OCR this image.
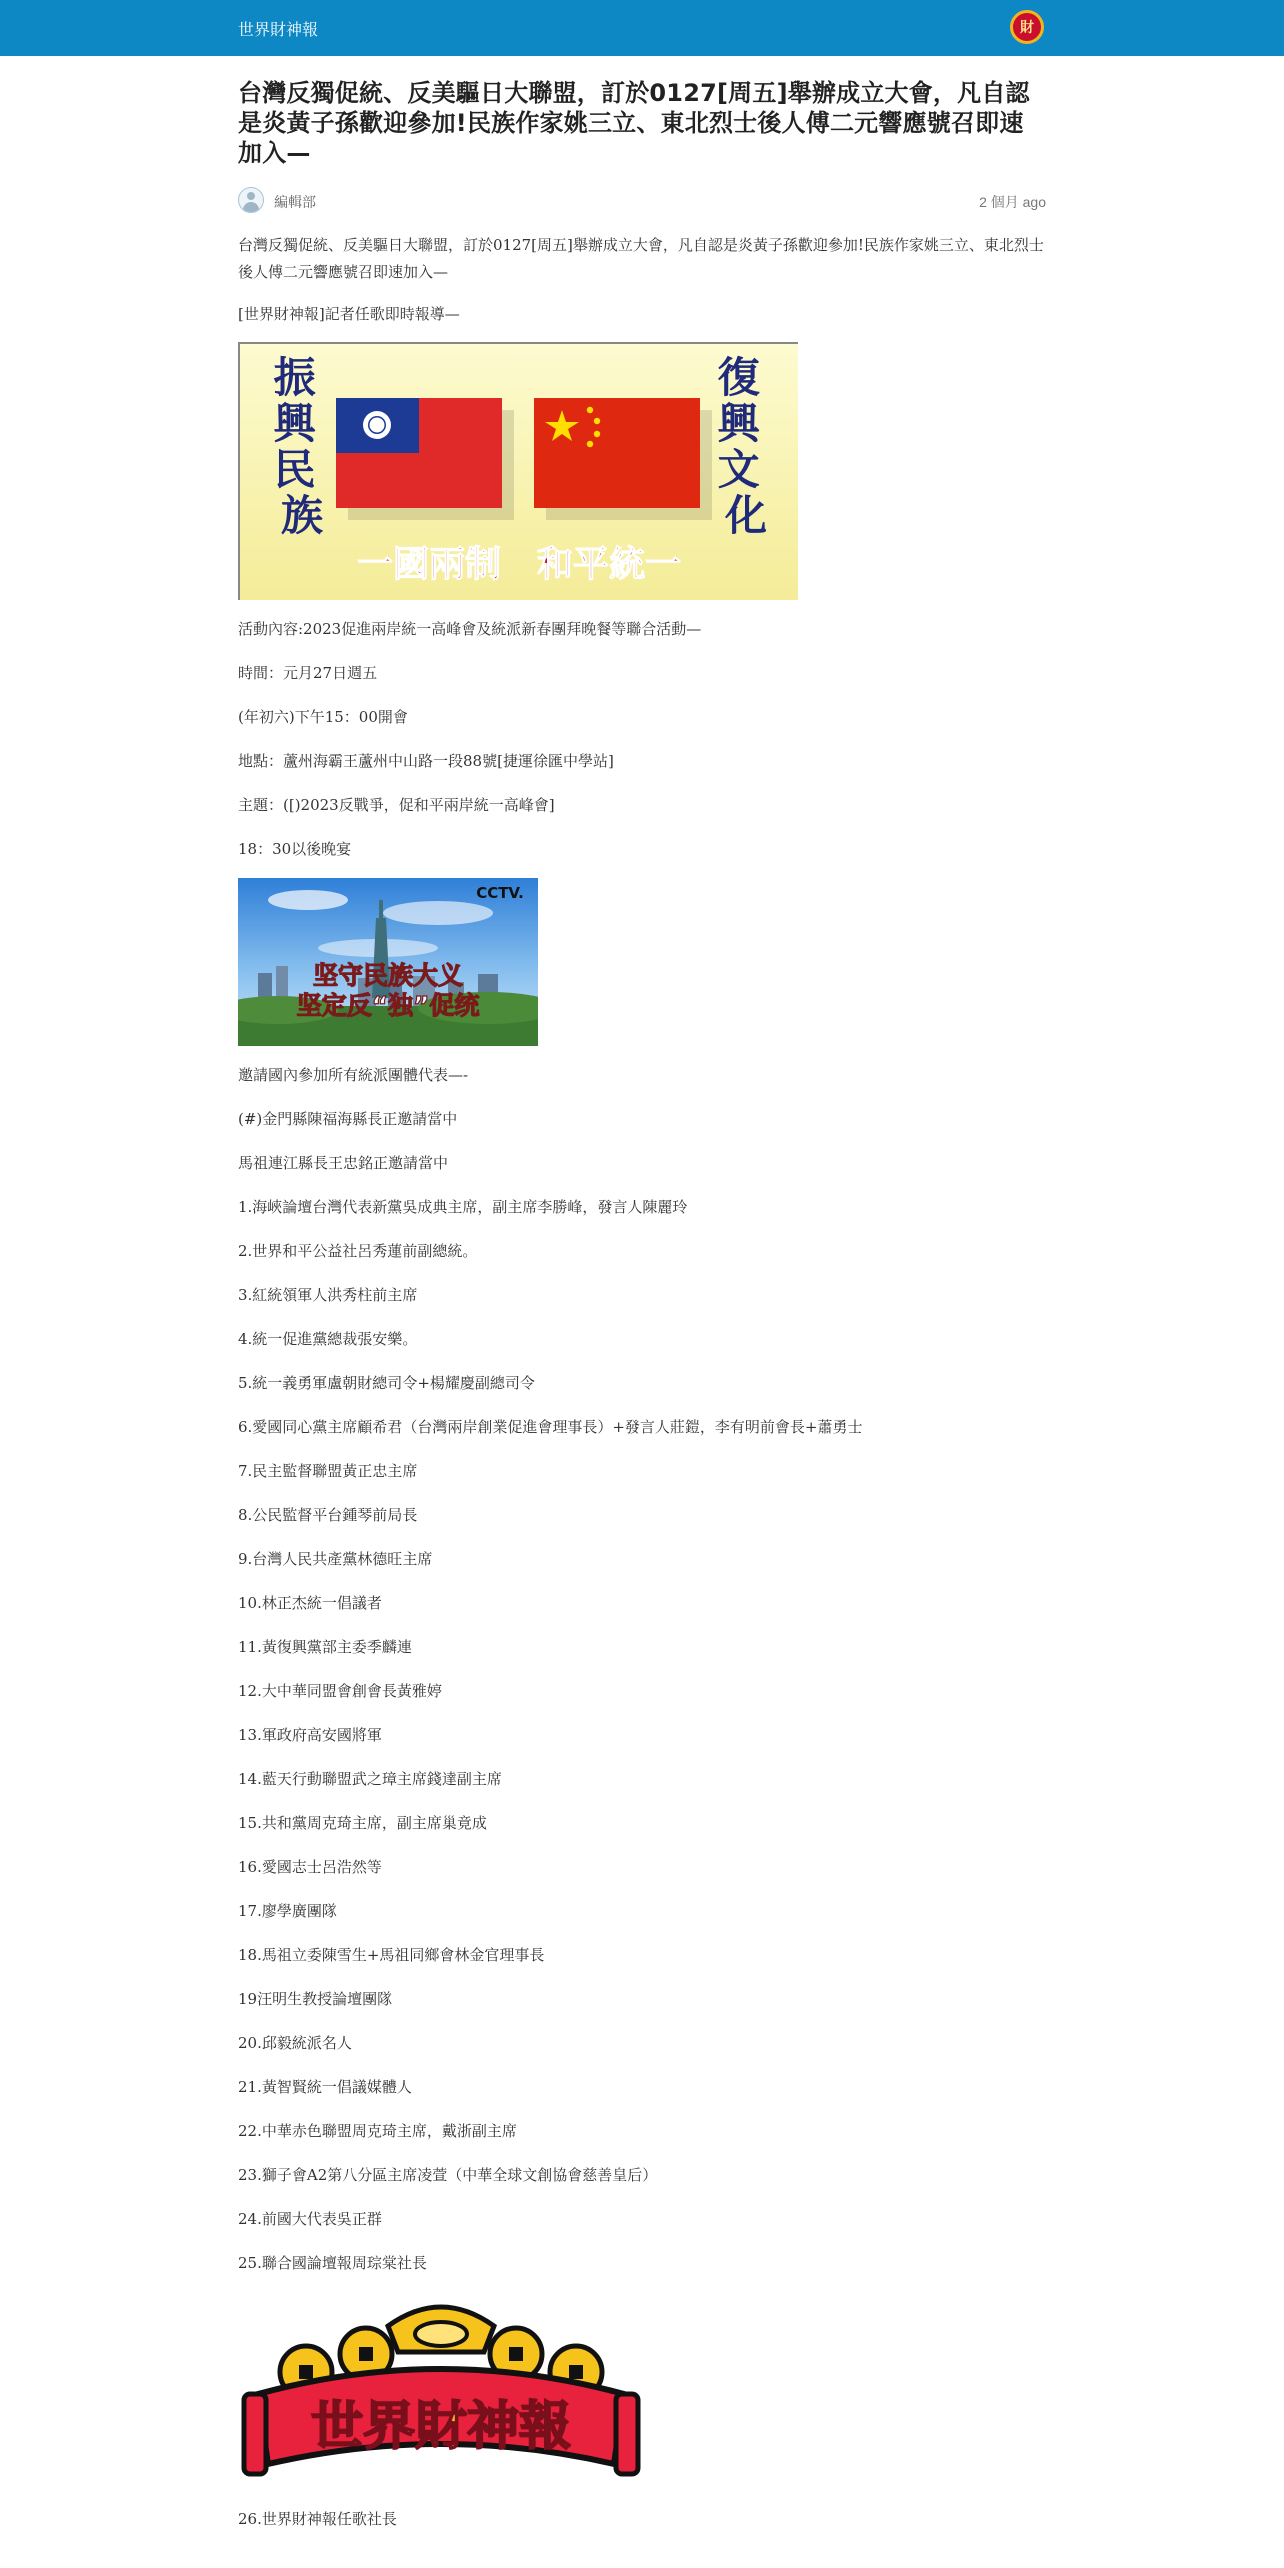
世界財神報	財
台灣反獨促統、反美驅日大聯盟，訂於0127[周五]舉辦成立大會，凡自認是炎黃子孫歡迎參加!民族作家姚三立、東北烈士後人傅二元響應號召即速加入—
編輯部	2 個月 ago

台灣反獨促統、反美驅日大聯盟，訂於0127[周五]舉辦成立大會，凡自認是炎黃子孫歡迎參加!民族作家姚三立、東北烈士後人傅二元響應號召即速加入—

[世界財神報]記者任歌即時報導—

振 興 民 族
復 興 文 化
一國兩制　和平統一

活動內容:2023促進兩岸統一高峰會及統派新春團拜晚餐等聯合活動—

時間：元月27日週五

(年初六)下午15：00開會

地點：蘆州海霸王蘆州中山路一段88號[捷運徐匯中學站]

主題：([)2023反戰爭，促和平兩岸統一高峰會]

18：30以後晚宴

CCTV.
坚守民族大义
坚定反“独”促统

邀請國內參加所有統派團體代表—-

(#)金門縣陳福海縣長正邀請當中

馬祖連江縣長王忠銘正邀請當中

1.海峽論壇台灣代表新黨吳成典主席，副主席李勝峰，發言人陳麗玲

2.世界和平公益社呂秀蓮前副總統。

3.紅統領軍人洪秀柱前主席

4.統一促進黨總裁張安樂。

5.統一義勇軍盧朝財總司令+楊耀慶副總司令

6.愛國同心黨主席顧希君（台灣兩岸創業促進會理事長）+發言人莊鎧，李有明前會長+蕭勇士

7.民主監督聯盟黃正忠主席

8.公民監督平台鍾琴前局長

9.台灣人民共產黨林德旺主席

10.林正杰統一倡議者

11.黃復興黨部主委季麟連

12.大中華同盟會創會長黃雅婷

13.軍政府高安國將軍

14.藍天行動聯盟武之璋主席錢達副主席

15.共和黨周克琦主席，副主席巢竟成

16.愛國志士呂浩然等

17.廖學廣團隊

18.馬祖立委陳雪生+馬祖同鄉會林金官理事長

19汪明生教授論壇團隊

20.邱毅統派名人

21.黃智賢統一倡議媒體人

22.中華赤色聯盟周克琦主席，戴浙副主席

23.獅子會A2第八分區主席凌萱（中華全球文創協會慈善皇后）

24.前國大代表吳正群

25.聯合國論壇報周琮棠社長

世界財神報

26.世界財神報任歌社長
